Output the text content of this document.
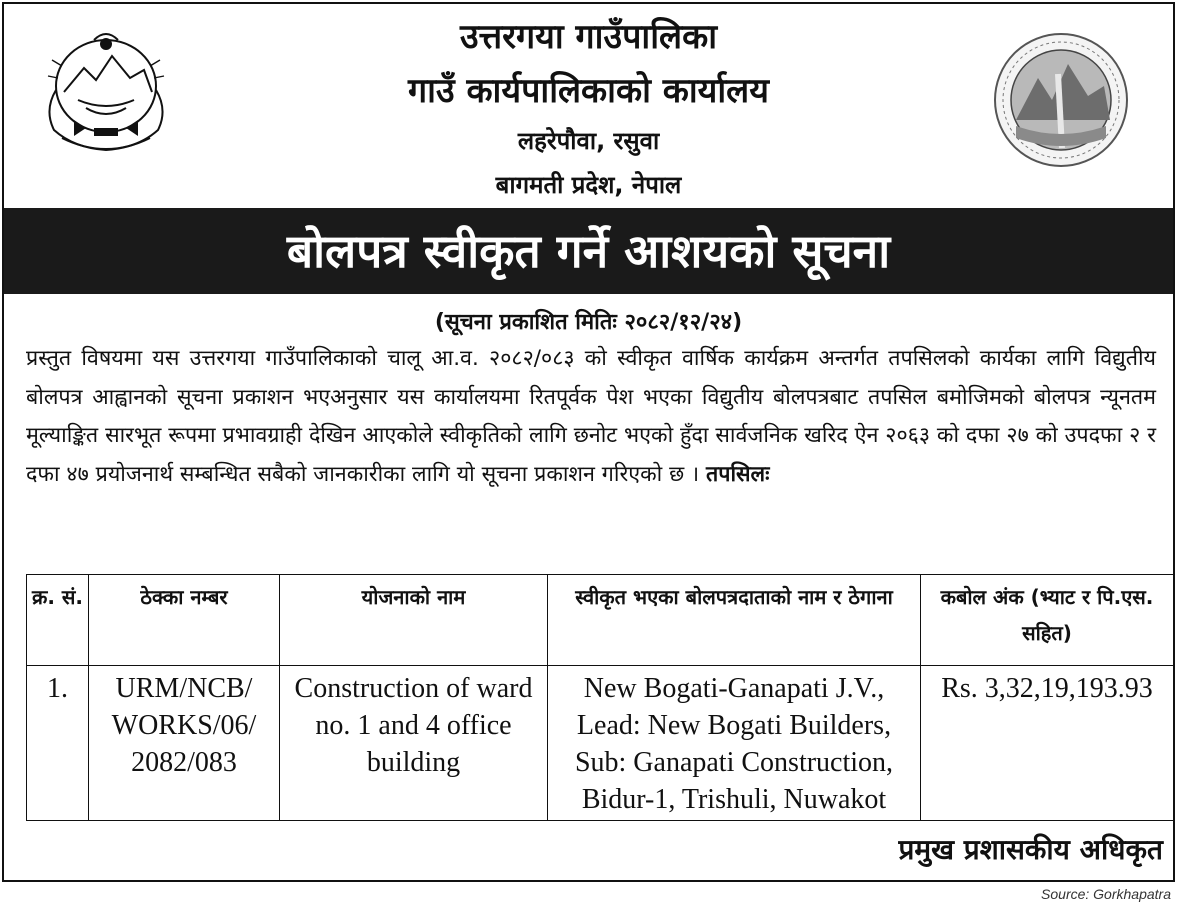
उत्तरगया गाउँपालिका
गाउँ कार्यपालिकाको कार्यालय
लहरेपौवा, रसुवा
बागमती प्रदेश, नेपाल
बोलपत्र स्वीकृत गर्ने आशयको सूचना
(सूचना प्रकाशित मितिः २०८२/१२/२४)
प्रस्तुत विषयमा यस उत्तरगया गाउँपालिकाको चालू आ.व. २०८२/०८३ को स्वीकृत वार्षिक कार्यक्रम अन्तर्गत तपसिलको कार्यका लागि विद्युतीय बोलपत्र आह्वानको सूचना प्रकाशन भएअनुसार यस कार्यालयमा रितपूर्वक पेश भएका विद्युतीय बोलपत्रबाट तपसिल बमोजिमको बोलपत्र न्यूनतम मूल्याङ्कित सारभूत रूपमा प्रभावग्राही देखिन आएकोले स्वीकृतिको लागि छनोट भएको हुँदा सार्वजनिक खरिद ऐन २०६३ को दफा २७ को उपदफा २ र दफा ४७ प्रयोजनार्थ सम्बन्धित सबैको जानकारीका लागि यो सूचना प्रकाशन गरिएको छ । तपसिलः
क्र. सं.	ठेक्का नम्बर	योजनाको नाम	स्वीकृत भएका बोलपत्रदाताको नाम र ठेगाना	कबोल अंक (भ्याट र पि.एस. सहित)
1.	URM/NCB/ WORKS/06/ 2082/083	Construction of ward no. 1 and 4 office building	New Bogati-Ganapati J.V., Lead: New Bogati Builders, Sub: Ganapati Construction, Bidur-1, Trishuli, Nuwakot	Rs. 3,32,19,193.93
प्रमुख प्रशासकीय अधिकृत
Source: Gorkhapatra
